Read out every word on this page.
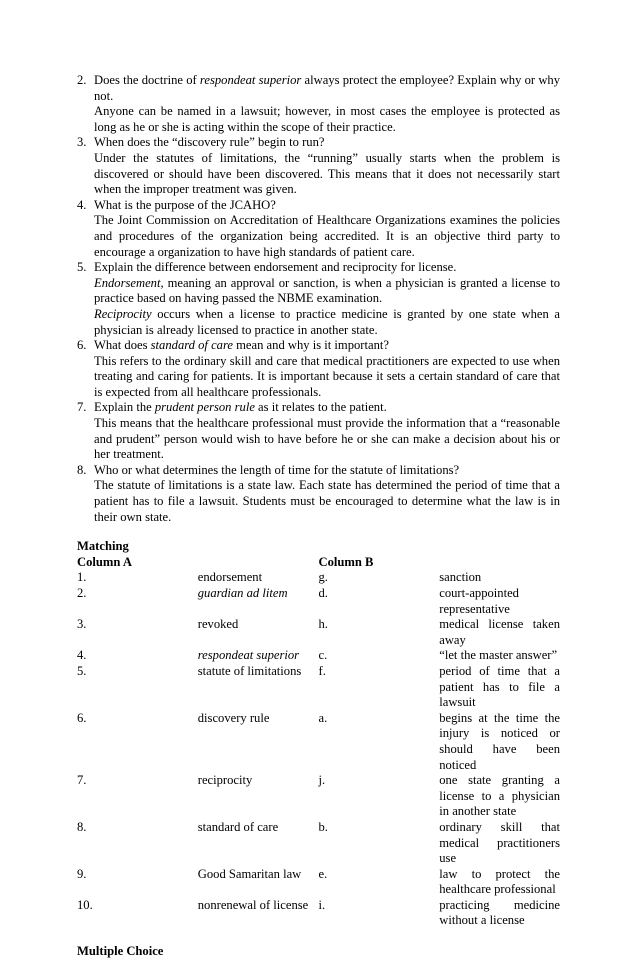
2. Does the doctrine of respondeat superior always protect the employee? Explain why or why not.
Anyone can be named in a lawsuit; however, in most cases the employee is protected as long as he or she is acting within the scope of their practice.
3. When does the “discovery rule” begin to run?
Under the statutes of limitations, the “running” usually starts when the problem is discovered or should have been discovered. This means that it does not necessarily start when the improper treatment was given.
4. What is the purpose of the JCAHO?
The Joint Commission on Accreditation of Healthcare Organizations examines the policies and procedures of the organization being accredited. It is an objective third party to encourage a organization to have high standards of patient care.
5. Explain the difference between endorsement and reciprocity for license.
Endorsement, meaning an approval or sanction, is when a physician is granted a license to practice based on having passed the NBME examination.
Reciprocity occurs when a license to practice medicine is granted by one state when a physician is already licensed to practice in another state.
6. What does standard of care mean and why is it important?
This refers to the ordinary skill and care that medical practitioners are expected to use when treating and caring for patients. It is important because it sets a certain standard of care that is expected from all healthcare professionals.
7. Explain the prudent person rule as it relates to the patient.
This means that the healthcare professional must provide the information that a “reasonable and prudent” person would wish to have before he or she can make a decision about his or her treatment.
8. Who or what determines the length of time for the statute of limitations?
The statute of limitations is a state law. Each state has determined the period of time that a patient has to file a lawsuit. Students must be encouraged to determine what the law is in their own state.
Matching
Column A		Column B	
1.	endorsement	g.	sanction
2.	guardian ad litem	d.	court-appointed representative
3.	revoked	h.	medical license taken away
4.	respondeat superior	c.	“let the master answer”
5.	statute of limitations	f.	period of time that a patient has to file a lawsuit
6.	discovery rule	a.	begins at the time the injury is noticed or should have been noticed
7.	reciprocity	j.	one state granting a license to a physician in another state
8.	standard of care	b.	ordinary skill that medical practitioners use
9.	Good Samaritan law	e.	law to protect the healthcare professional
10.	nonrenewal of license	i.	practicing medicine without a license
Multiple Choice
